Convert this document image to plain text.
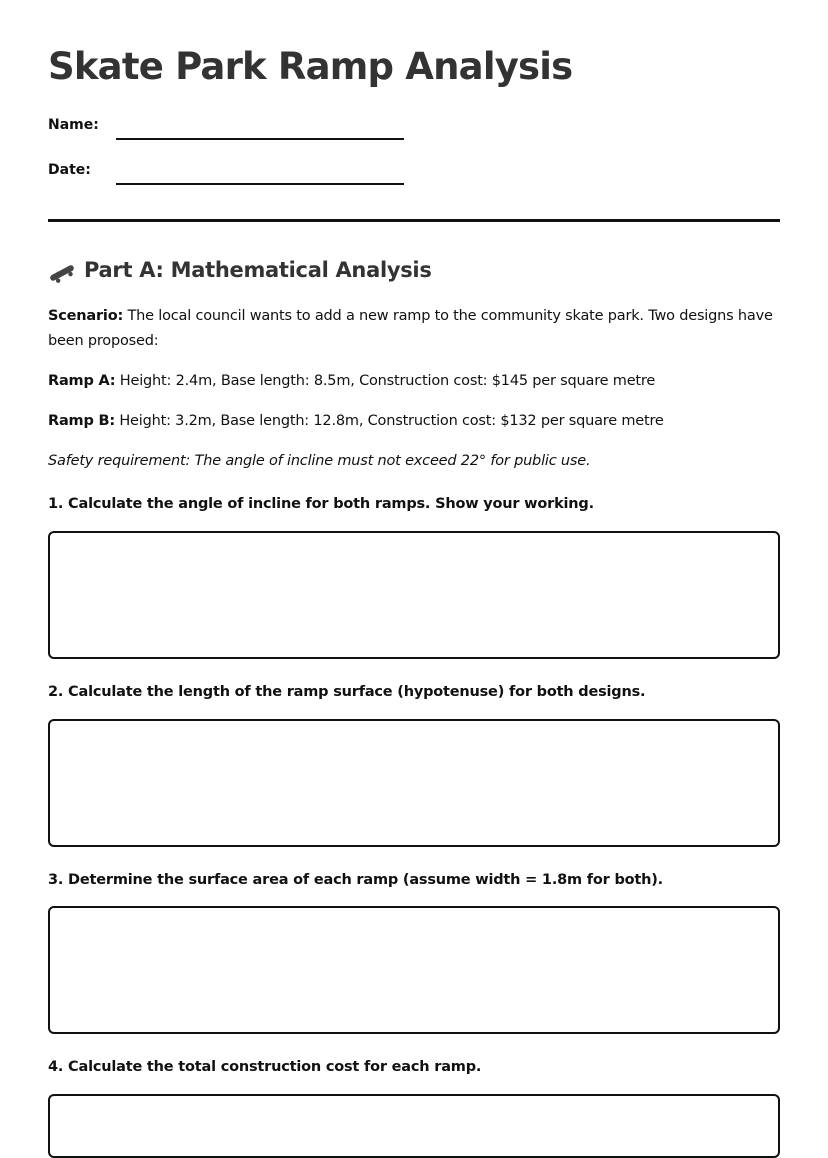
Skate Park Ramp Analysis
Name:
Date:
Part A: Mathematical Analysis

Scenario: The local council wants to add a new ramp to the community skate park. Two designs have been proposed:

Ramp A: Height: 2.4m, Base length: 8.5m, Construction cost: $145 per square metre

Ramp B: Height: 3.2m, Base length: 12.8m, Construction cost: $132 per square metre

Safety requirement: The angle of incline must not exceed 22° for public use.

1. Calculate the angle of incline for both ramps. Show your working.

2. Calculate the length of the ramp surface (hypotenuse) for both designs.

3. Determine the surface area of each ramp (assume width = 1.8m for both).

4. Calculate the total construction cost for each ramp.
